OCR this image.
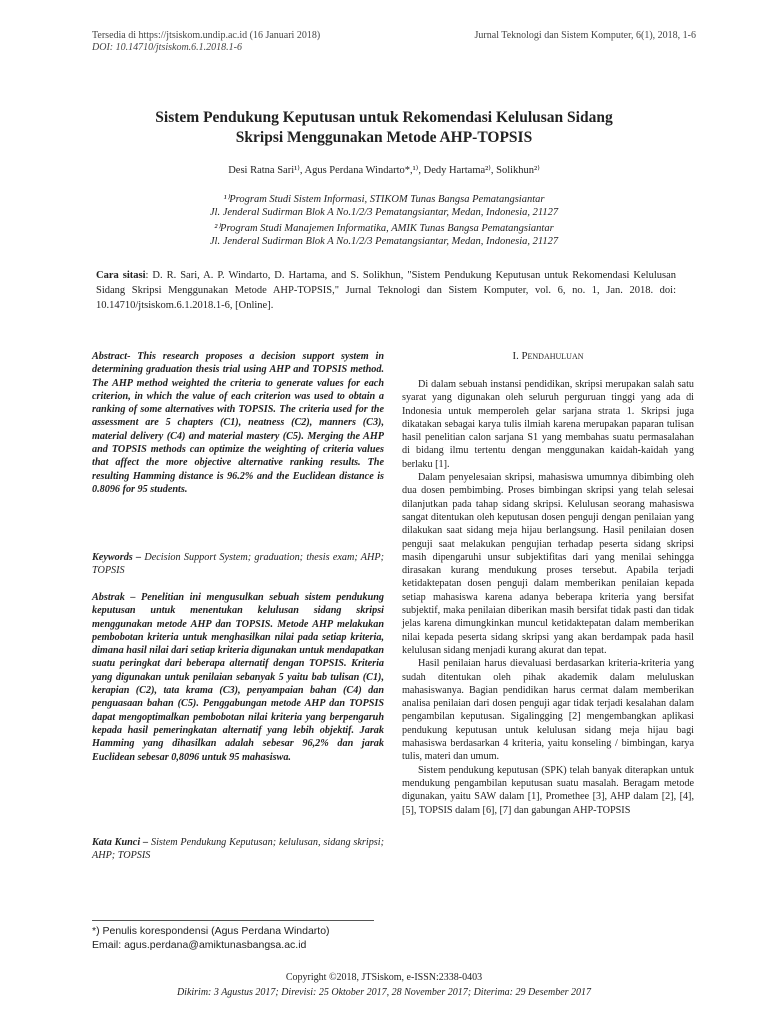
Tersedia di https://jtsiskom.undip.ac.id (16 Januari 2018)
DOI: 10.14710/jtsiskom.6.1.2018.1-6
Jurnal Teknologi dan Sistem Komputer, 6(1), 2018, 1-6
Sistem Pendukung Keputusan untuk Rekomendasi Kelulusan Sidang
Skripsi Menggunakan Metode AHP-TOPSIS
Desi Ratna Sari¹⁾, Agus Perdana Windarto*,¹⁾, Dedy Hartama²⁾, Solikhun²⁾
¹⁾Program Studi Sistem Informasi, STIKOM Tunas Bangsa Pematangsiantar
Jl. Jenderal Sudirman Blok A No.1/2/3 Pematangsiantar, Medan, Indonesia, 21127
²⁾Program Studi Manajemen Informatika, AMIK Tunas Bangsa Pematangsiantar
Jl. Jenderal Sudirman Blok A No.1/2/3 Pematangsiantar, Medan, Indonesia, 21127
Cara sitasi: D. R. Sari, A. P. Windarto, D. Hartama, and S. Solikhun, "Sistem Pendukung Keputusan untuk Rekomendasi Kelulusan Sidang Skripsi Menggunakan Metode AHP-TOPSIS," Jurnal Teknologi dan Sistem Komputer, vol. 6, no. 1, Jan. 2018. doi: 10.14710/jtsiskom.6.1.2018.1-6, [Online].
Abstract- This research proposes a decision support system in determining graduation thesis trial using AHP and TOPSIS method. The AHP method weighted the criteria to generate values for each criterion, in which the value of each criterion was used to obtain a ranking of some alternatives with TOPSIS. The criteria used for the assessment are 5 chapters (C1), neatness (C2), manners (C3), material delivery (C4) and material mastery (C5). Merging the AHP and TOPSIS methods can optimize the weighting of criteria values that affect the more objective alternative ranking results. The resulting Hamming distance is 96.2% and the Euclidean distance is 0.8096 for 95 students.
Keywords – Decision Support System; graduation; thesis exam; AHP; TOPSIS
Abstrak – Penelitian ini mengusulkan sebuah sistem pendukung keputusan untuk menentukan kelulusan sidang skripsi menggunakan metode AHP dan TOPSIS. Metode AHP melakukan pembobotan kriteria untuk menghasilkan nilai pada setiap kriteria, dimana hasil nilai dari setiap kriteria digunakan untuk mendapatkan suatu peringkat dari beberapa alternatif dengan TOPSIS. Kriteria yang digunakan untuk penilaian sebanyak 5 yaitu bab tulisan (C1), kerapian (C2), tata krama (C3), penyampaian bahan (C4) dan penguasaan bahan (C5). Penggabungan metode AHP dan TOPSIS dapat mengoptimalkan pembobotan nilai kriteria yang berpengaruh kepada hasil pemeringkatan alternatif yang lebih objektif. Jarak Hamming yang dihasilkan adalah sebesar 96,2% dan jarak Euclidean sebesar 0,8096 untuk 95 mahasiswa.
Kata Kunci – Sistem Pendukung Keputusan; kelulusan, sidang skripsi; AHP; TOPSIS
*) Penulis korespondensi (Agus Perdana Windarto)
Email: agus.perdana@amiktunasbangsa.ac.id
I. Pendahuluan

Di dalam sebuah instansi pendidikan, skripsi merupakan salah satu syarat yang digunakan oleh seluruh perguruan tinggi yang ada di Indonesia untuk memperoleh gelar sarjana strata 1. Skripsi juga dikatakan sebagai karya tulis ilmiah karena merupakan paparan tulisan hasil penelitian calon sarjana S1 yang membahas suatu permasalahan di bidang ilmu tertentu dengan menggunakan kaidah-kaidah yang berlaku [1].

Dalam penyelesaian skripsi, mahasiswa umumnya dibimbing oleh dua dosen pembimbing. Proses bimbingan skripsi yang telah selesai dilanjutkan pada tahap sidang skripsi. Kelulusan seorang mahasiswa sangat ditentukan oleh keputusan dosen penguji dengan penilaian yang dilakukan saat sidang meja hijau berlangsung. Hasil penilaian dosen penguji saat melakukan pengujian terhadap peserta sidang skripsi masih dipengaruhi unsur subjektifitas dari yang menilai sehingga dirasakan kurang mendukung proses tersebut. Apabila terjadi ketidaktepatan dosen penguji dalam memberikan penilaian kepada setiap mahasiswa karena adanya beberapa kriteria yang bersifat subjektif, maka penilaian diberikan masih bersifat tidak pasti dan tidak jelas karena dimungkinkan muncul ketidaktepatan dalam memberikan nilai kepada peserta sidang skripsi yang akan berdampak pada hasil kelulusan sidang menjadi kurang akurat dan tepat.

Hasil penilaian harus dievaluasi berdasarkan kriteria-kriteria yang sudah ditentukan oleh pihak akademik dalam meluluskan mahasiswanya. Bagian pendidikan harus cermat dalam memberikan analisa penilaian dari dosen penguji agar tidak terjadi kesalahan dalam pengambilan keputusan. Sigalingging [2] mengembangkan aplikasi pendukung keputusan untuk kelulusan sidang meja hijau bagi mahasiswa berdasarkan 4 kriteria, yaitu konseling / bimbingan, karya tulis, materi dan umum.

Sistem pendukung keputusan (SPK) telah banyak diterapkan untuk mendukung pengambilan keputusan suatu masalah. Beragam metode digunakan, yaitu SAW dalam [1], Promethee [3], AHP dalam [2], [4], [5], TOPSIS dalam [6], [7] dan gabungan AHP-TOPSIS

Copyright ©2018, JTSiskom, e-ISSN:2338-0403
Dikirim: 3 Agustus 2017; Direvisi: 25 Oktober 2017, 28 November 2017; Diterima: 29 Desember 2017
